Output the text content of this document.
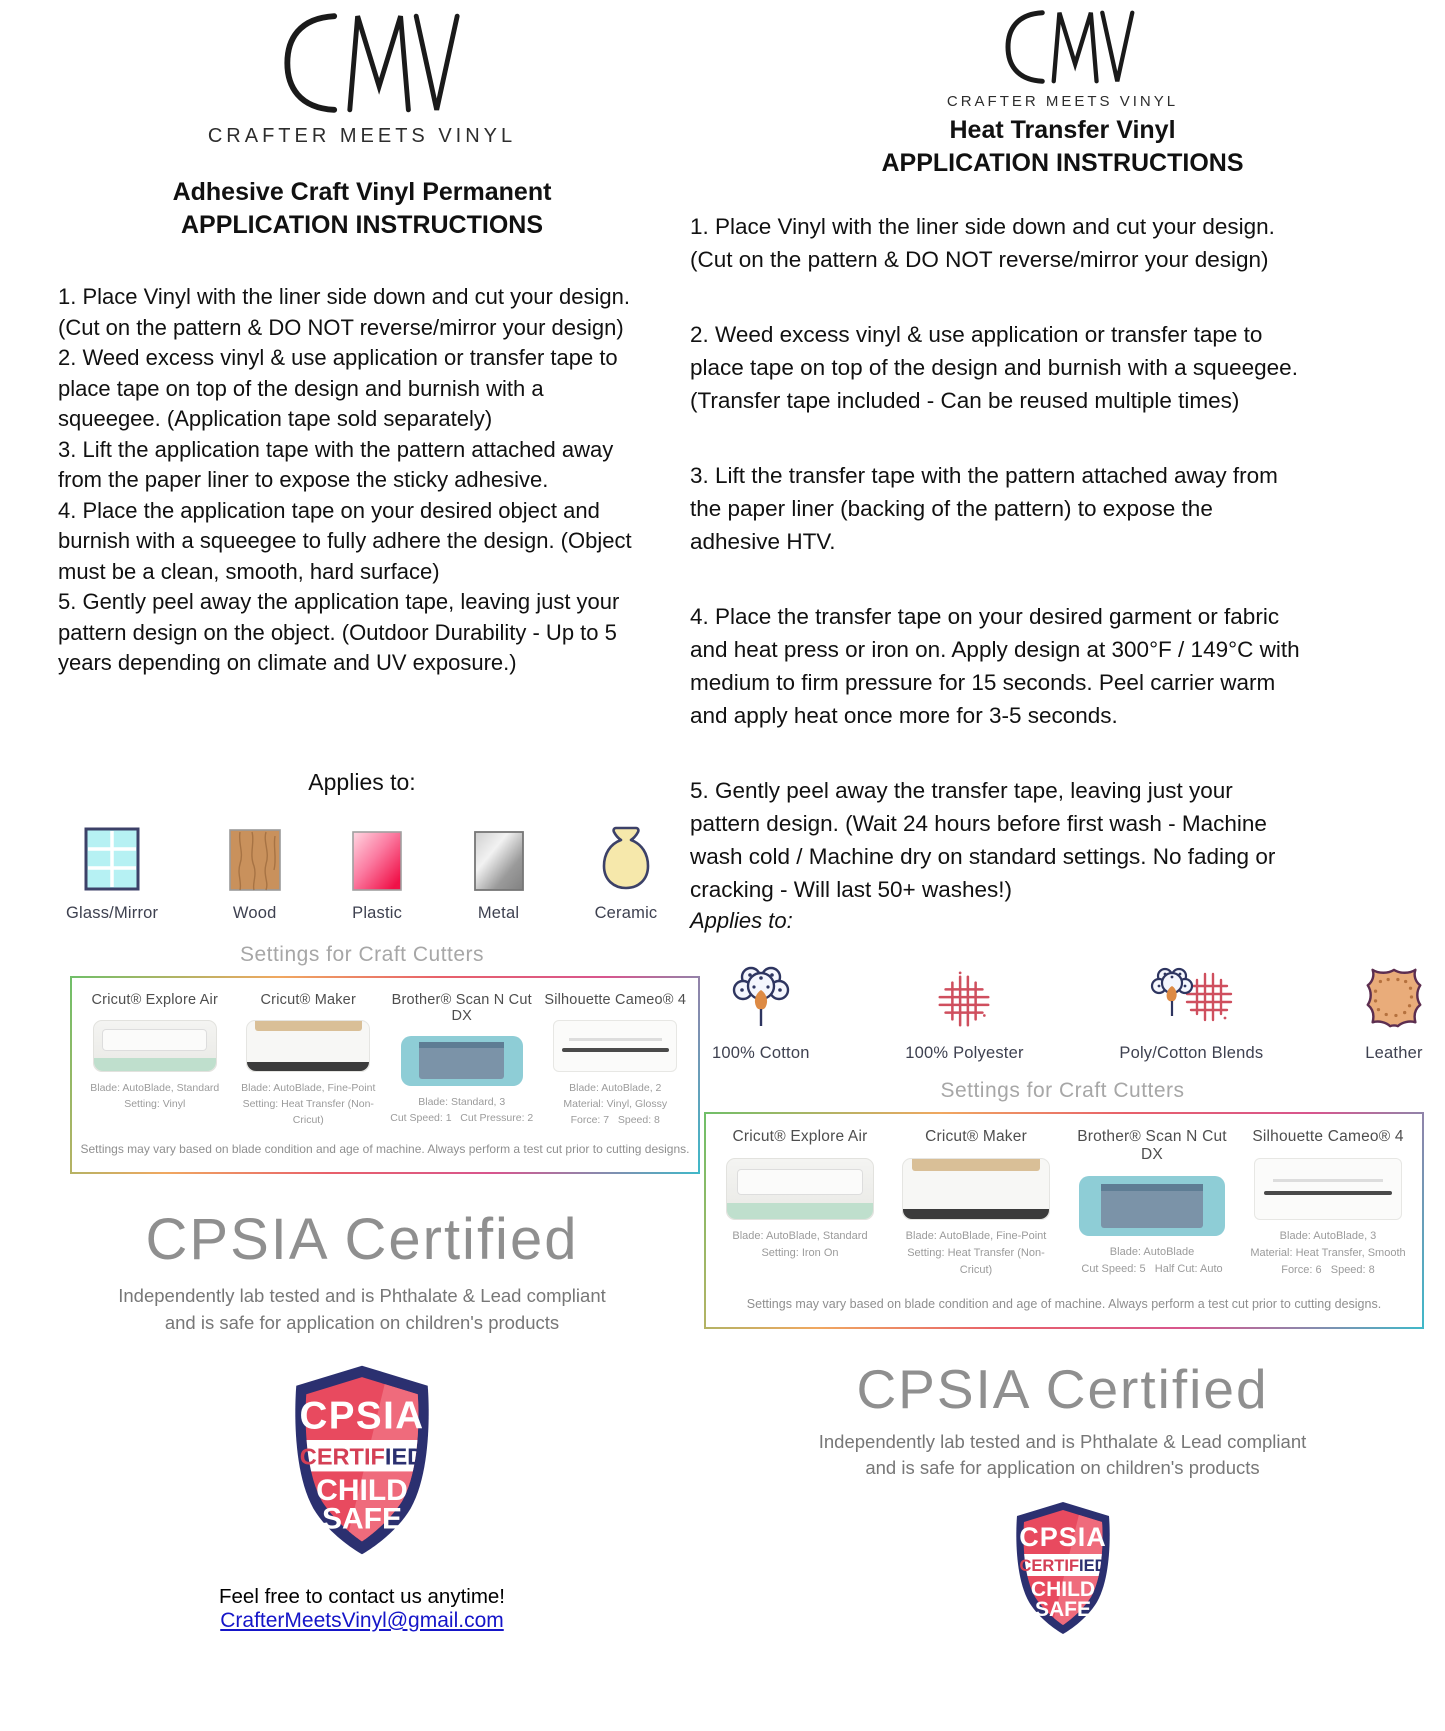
CRAFTER MEETS VINYL
Adhesive Craft Vinyl Permanent
APPLICATION INSTRUCTIONS

1. Place Vinyl with the liner side down and cut your design. (Cut on the pattern & DO NOT reverse/mirror your design)

2. Weed excess vinyl & use application or transfer tape to place tape on top of the design and burnish with a squeegee. (Application tape sold separately)

3. Lift the application tape with the pattern attached away from the paper liner to expose the sticky adhesive.

4. Place the application tape on your desired object and burnish with a squeegee to fully adhere the design. (Object must be a clean, smooth, hard surface)

5. Gently peel away the application tape, leaving just your pattern design on the object. (Outdoor Durability - Up to 5 years depending on climate and UV exposure.)

Applies to:
Glass/Mirror	Wood	Plastic	Metal	Ceramic
Settings for Craft Cutters
Cricut® Explore Air
Blade: AutoBlade, Standard
Setting: Vinyl
Cricut® Maker
Blade: AutoBlade, Fine-Point
Setting: Heat Transfer (Non-Cricut)
Brother® Scan N Cut DX
Blade: Standard, 3
Cut Speed: 1   Cut Pressure: 2
Silhouette Cameo® 4
Blade: AutoBlade, 2
Material: Vinyl, Glossy
Force: 7   Speed: 8
Settings may vary based on blade condition and age of machine. Always perform a test cut prior to cutting designs.
CPSIA Certified
Independently lab tested and is Phthalate & Lead compliant
and is safe for application on children's products
CPSIA
CERTIFIED
CHILD
SAFE
Feel free to contact us anytime!
CrafterMeetsVinyl@gmail.com
CRAFTER MEETS VINYL
Heat Transfer Vinyl
APPLICATION INSTRUCTIONS

1. Place Vinyl with the liner side down and cut your design. (Cut on the pattern & DO NOT reverse/mirror your design)

2. Weed excess vinyl & use application or transfer tape to place tape on top of the design and burnish with a squeegee. (Transfer tape included - Can be reused multiple times)

3. Lift the transfer tape with the pattern attached away from the paper liner (backing of the pattern) to expose the adhesive HTV.

4. Place the transfer tape on your desired garment or fabric and heat press or iron on. Apply design at 300°F / 149°C with medium to firm pressure for 15 seconds. Peel carrier warm and apply heat once more for 3-5 seconds.

5. Gently peel away the transfer tape, leaving just your pattern design. (Wait 24 hours before first wash - Machine wash cold / Machine dry on standard settings. No fading or cracking - Will last 50+ washes!)

Applies to:
100% Cotton	100% Polyester	Poly/Cotton Blends	Leather
Settings for Craft Cutters
Cricut® Explore Air
Blade: AutoBlade, Standard
Setting: Iron On
Cricut® Maker
Blade: AutoBlade, Fine-Point
Setting: Heat Transfer (Non-Cricut)
Brother® Scan N Cut DX
Blade: AutoBlade
Cut Speed: 5   Half Cut: Auto
Silhouette Cameo® 4
Blade: AutoBlade, 3
Material: Heat Transfer, Smooth
Force: 6   Speed: 8
Settings may vary based on blade condition and age of machine. Always perform a test cut prior to cutting designs.
CPSIA Certified
Independently lab tested and is Phthalate & Lead compliant
and is safe for application on children's products
CPSIA
CERTIFIED
CHILD
SAFE
